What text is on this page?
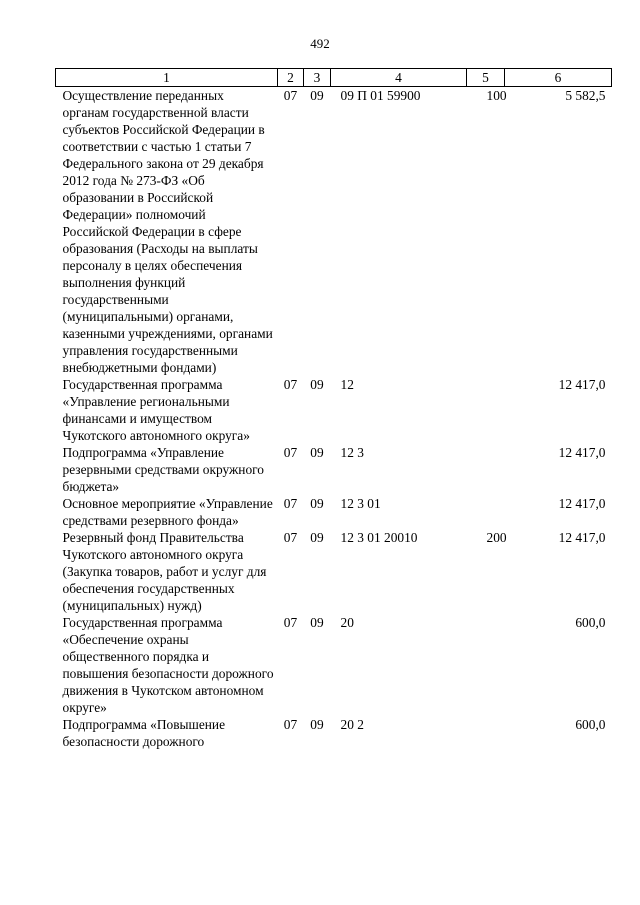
492
1	2	3	4	5	6
Осуществление переданных органам государственной власти субъектов Российской Федерации в соответствии с частью 1 статьи 7 Федерального закона от 29 декабря 2012 года № 273-ФЗ «Об образовании в Российской Федерации» полномочий Российской Федерации в сфере образования (Расходы на выплаты персоналу в целях обеспечения выполнения функций государственными (муниципальными) органами, казенными учреждениями, органами управления государственными внебюджетными фондами)	07	09	09 П 01 59900	100	5 582,5
Государственная программа «Управление региональными финансами и имуществом Чукотского автономного округа»	07	09	12		12 417,0
Подпрограмма «Управление резервными средствами окружного бюджета»	07	09	12 3		12 417,0
Основное мероприятие «Управление средствами резервного фонда»	07	09	12 3 01		12 417,0
Резервный фонд Правительства Чукотского автономного округа (Закупка товаров, работ и услуг для обеспечения государственных (муниципальных) нужд)	07	09	12 3 01 20010	200	12 417,0
Государственная программа «Обеспечение охраны общественного порядка и повышения безопасности дорожного движения в Чукотском автономном округе»	07	09	20		600,0
Подпрограмма «Повышение безопасности дорожного	07	09	20 2		600,0
